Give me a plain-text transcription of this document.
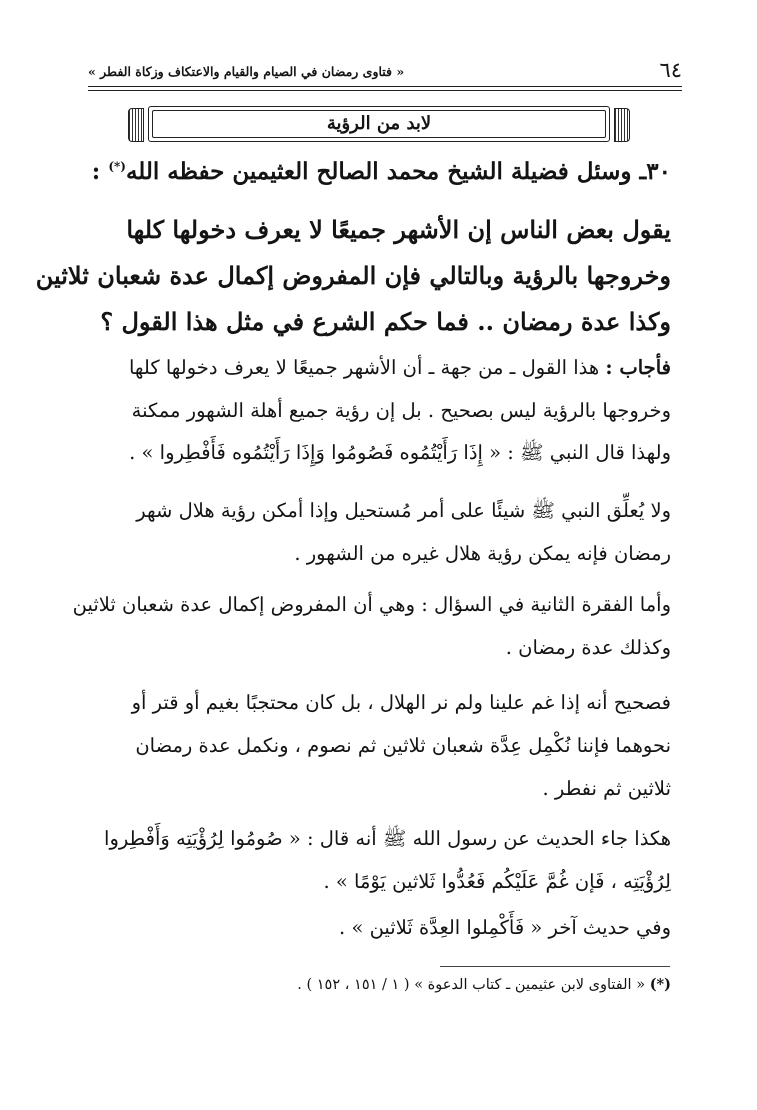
٦٤
« فتاوى رمضان في الصيام والقيام والاعتكاف وزكاة الفطر »
لابد من الرؤية
٣٠ـ وسئل فضيلة الشيخ محمد الصالح العثيمين حفظه الله(*) :
يقول بعض الناس إن الأشهر جميعًا لا يعرف دخولها كلها
وخروجها بالرؤية وبالتالي فإن المفروض إكمال عدة شعبان ثلاثين
وكذا عدة رمضان .. فما حكم الشرع في مثل هذا القول ؟
فأجاب : هذا القول ـ من جهة ـ أن الأشهر جميعًا لا يعرف دخولها كلها
وخروجها بالرؤية ليس بصحيح . بل إن رؤية جميع أهلة الشهور ممكنة
ولهذا قال النبي ﷺ : « إِذَا رَأَيْتُمُوه فَصُومُوا وَإِذَا رَأَيْتُمُوه فَأَفْطِروا » .
ولا يُعلِّق النبي ﷺ شيئًا على أمر مُستحيل وإذا أمكن رؤية هلال شهر
رمضان فإنه يمكن رؤية هلال غيره من الشهور .
وأما الفقرة الثانية في السؤال : وهي أن المفروض إكمال عدة شعبان ثلاثين
وكذلك عدة رمضان .
فصحيح أنه إذا غم علينا ولم نر الهلال ، بل كان محتجبًا بغيم أو قتر أو
نحوهما فإننا نُكْمِل عِدَّة شعبان ثلاثين ثم نصوم ، ونكمل عدة رمضان
ثلاثين ثم نفطر .
هكذا جاء الحديث عن رسول الله ﷺ أنه قال : « صُومُوا لِرُؤْيَتِه وَأَفْطِروا
لِرُؤْيَتِه ، فَإن غُمَّ عَلَيْكُم فَعُدُّوا ثَلاثين يَوْمًا » .
وفي حديث آخر « فَأَكْمِلوا العِدَّة ثَلاثين » .
(*) « الفتاوى لابن عثيمين ـ كتاب الدعوة » ( ١ / ١٥١ ، ١٥٢ ) .
